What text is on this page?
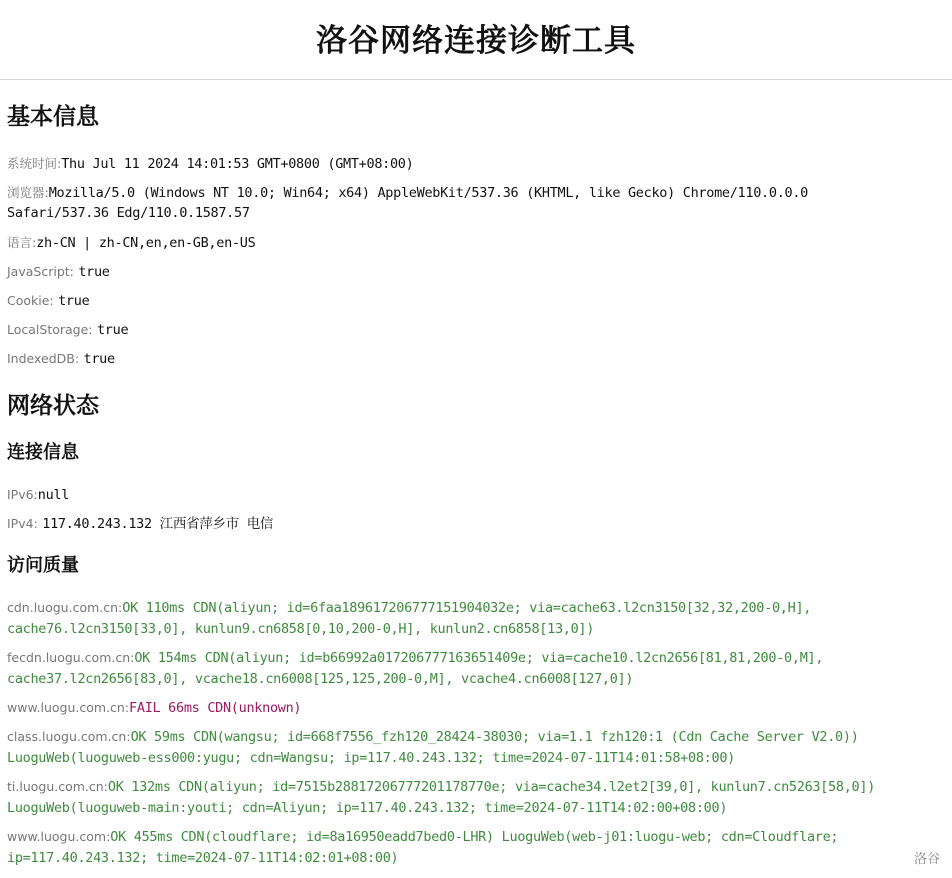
洛谷网络连接诊断工具
基本信息
系统时间:Thu Jul 11 2024 14:01:53 GMT+0800 (GMT+08:00)
浏览器:Mozilla/5.0 (Windows NT 10.0; Win64; x64) AppleWebKit/537.36 (KHTML, like Gecko) Chrome/110.0.0.0
Safari/537.36 Edg/110.0.1587.57
语言:zh-CN | zh-CN,en,en-GB,en-US
JavaScript: true
Cookie: true
LocalStorage: true
IndexedDB: true
网络状态
连接信息
IPv6:null
IPv4: 117.40.243.132 江西省萍乡市 电信
访问质量
cdn.luogu.com.cn:OK 110ms CDN(aliyun; id=6faa189617206777151904032e; via=cache63.l2cn3150[32,32,200-0,H],
cache76.l2cn3150[33,0], kunlun9.cn6858[0,10,200-0,H], kunlun2.cn6858[13,0])
fecdn.luogu.com.cn:OK 154ms CDN(aliyun; id=b66992a017206777163651409e; via=cache10.l2cn2656[81,81,200-0,M],
cache37.l2cn2656[83,0], vcache18.cn6008[125,125,200-0,M], vcache4.cn6008[127,0])
www.luogu.com.cn:FAIL 66ms CDN(unknown)
class.luogu.com.cn:OK 59ms CDN(wangsu; id=668f7556_fzh120_28424-38030; via=1.1 fzh120:1 (Cdn Cache Server V2.0))
LuoguWeb(luoguweb-ess000:yugu; cdn=Wangsu; ip=117.40.243.132; time=2024-07-11T14:01:58+08:00)
ti.luogu.com.cn:OK 132ms CDN(aliyun; id=7515b28817206777201178770e; via=cache34.l2et2[39,0], kunlun7.cn5263[58,0])
LuoguWeb(luoguweb-main:youti; cdn=Aliyun; ip=117.40.243.132; time=2024-07-11T14:02:00+08:00)
www.luogu.com:OK 455ms CDN(cloudflare; id=8a16950eadd7bed0-LHR) LuoguWeb(web-j01:luogu-web; cdn=Cloudflare;
ip=117.40.243.132; time=2024-07-11T14:02:01+08:00)	洛谷
